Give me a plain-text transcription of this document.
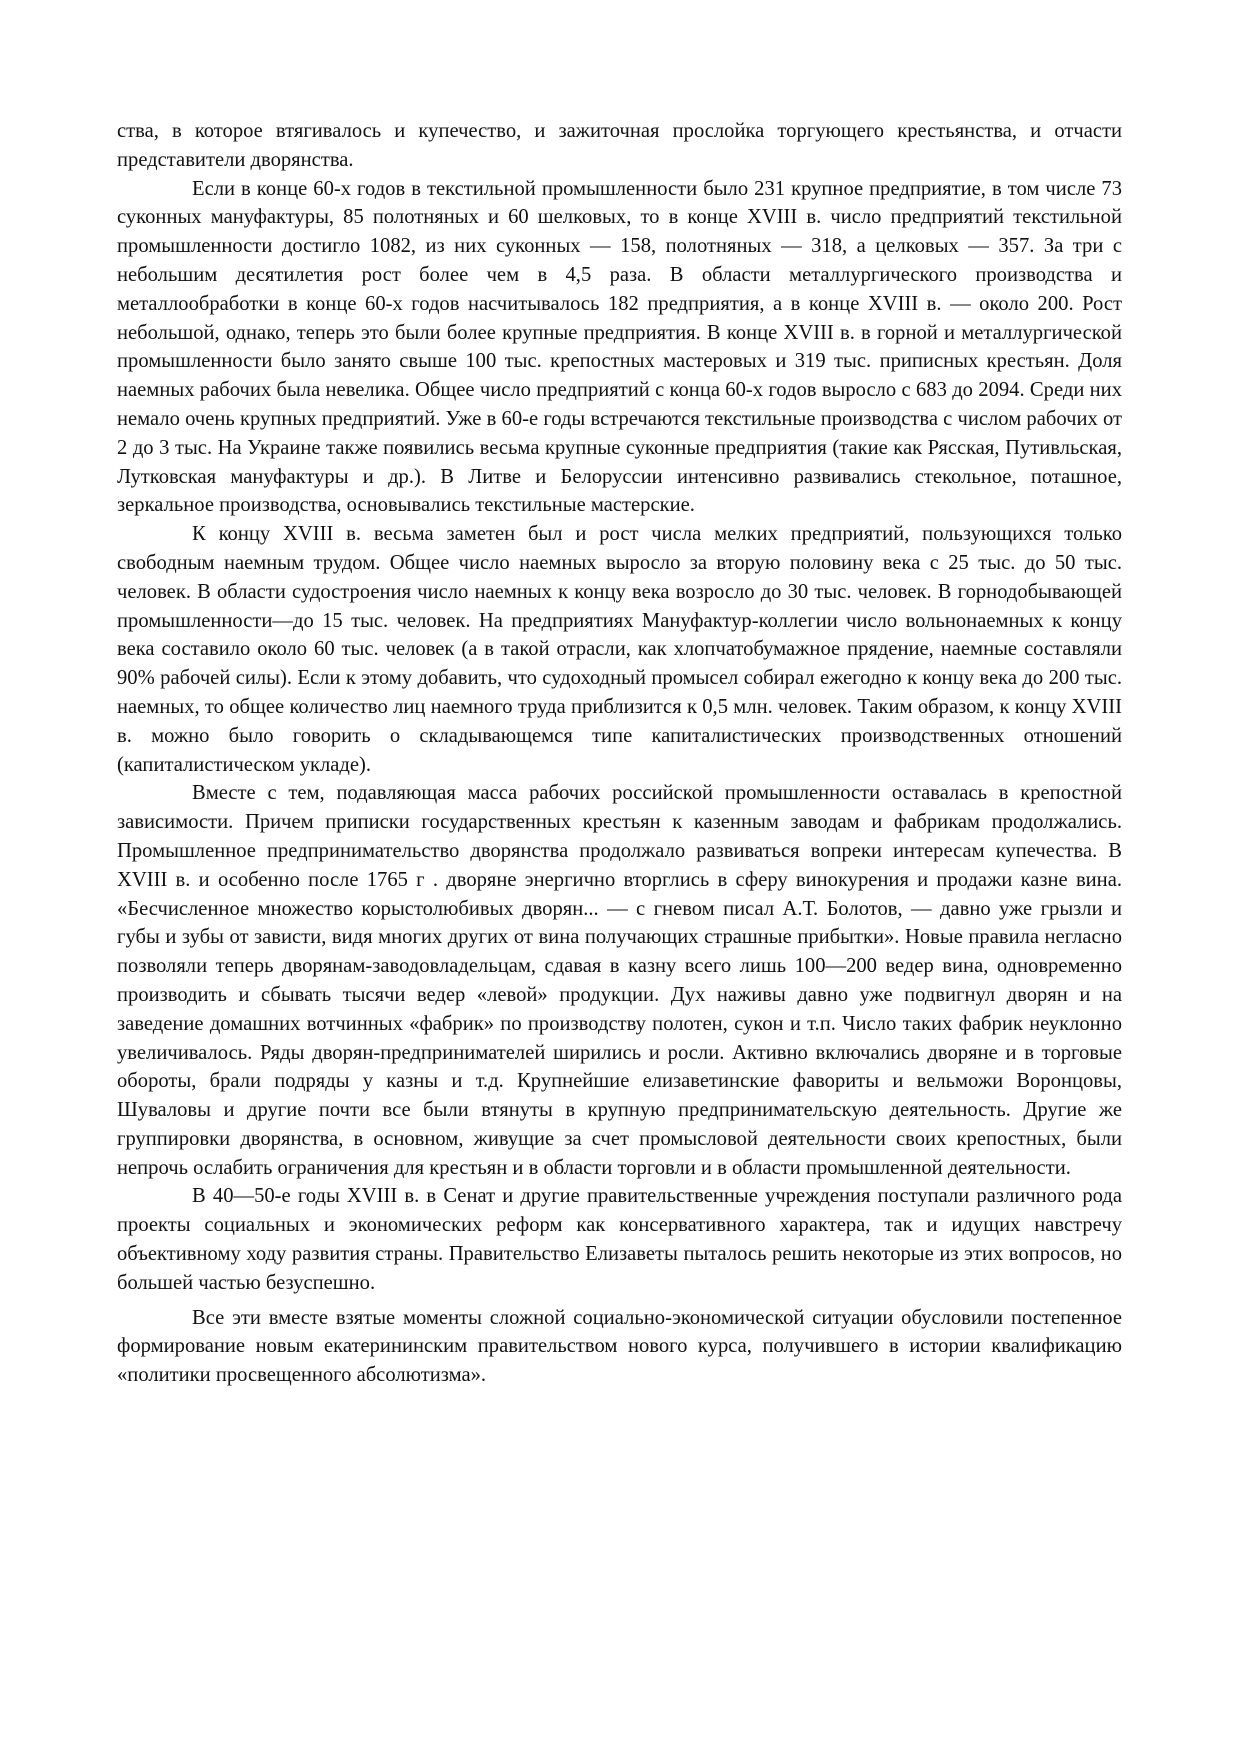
ства, в которое втягивалось и купечество, и зажиточная прослойка торгующего крестьянства, и отчасти представители дворянства.

Если в конце 60-х годов в текстильной промышленности было 231 крупное предприятие, в том числе 73 суконных мануфактуры, 85 полотняных и 60 шелковых, то в конце XVIII в. число предприятий текстильной промышленности достигло 1082, из них суконных — 158, полотняных — 318, а целковых — 357. За три с небольшим десятилетия рост более чем в 4,5 раза. В области металлургического производства и металлообработки в конце 60-х годов насчитывалось 182 предприятия, а в конце XVIII в. — около 200. Рост небольшой, однако, теперь это были более крупные предприятия. В конце XVIII в. в горной и металлургической промышленности было занято свыше 100 тыс. крепостных мастеровых и 319 тыс. приписных крестьян. Доля наемных рабочих была невелика. Общее число предприятий с конца 60-х годов выросло с 683 до 2094. Среди них немало очень крупных предприятий. Уже в 60-е годы встречаются текстильные производства с числом рабочих от 2 до 3 тыс. На Украине также появились весьма крупные суконные предприятия (такие как Рясская, Путивльская, Лутковская мануфактуры и др.). В Литве и Белоруссии интенсивно развивались стекольное, поташное, зеркальное производства, основывались текстильные мастерские.

К концу XVIII в. весьма заметен был и рост числа мелких предприятий, пользующихся только свободным наемным трудом. Общее число наемных выросло за вторую половину века с 25 тыс. до 50 тыс. человек. В области судостроения число наемных к концу века возросло до 30 тыс. человек. В горнодобывающей промышленности—до 15 тыс. человек. На предприятиях Мануфактур-коллегии число вольнонаемных к концу века составило около 60 тыс. человек (а в такой отрасли, как хлопчатобумажное прядение, наемные составляли 90% рабочей силы). Если к этому добавить, что судоходный промысел собирал ежегодно к концу века до 200 тыс. наемных, то общее количество лиц наемного труда приблизится к 0,5 млн. человек. Таким образом, к концу XVIII в. можно было говорить о складывающемся типе капиталистических производственных отношений (капиталистическом укладе).

Вместе с тем, подавляющая масса рабочих российской промышленности оставалась в крепостной зависимости. Причем приписки государственных крестьян к казенным заводам и фабрикам продолжались. Промышленное предпринимательство дворянства продолжало развиваться вопреки интересам купечества. В XVIII в. и особенно после 1765 г . дворяне энергично вторглись в сферу винокурения и продажи казне вина. «Бесчисленное множество корыстолюбивых дворян... — с гневом писал А.Т. Болотов, — давно уже грызли и губы и зубы от зависти, видя многих других от вина получающих страшные прибытки». Новые правила негласно позволяли теперь дворянам-заводовладельцам, сдавая в казну всего лишь 100—200 ведер вина, одновременно производить и сбывать тысячи ведер «левой» продукции. Дух наживы давно уже подвигнул дворян и на заведение домашних вотчинных «фабрик» по производству полотен, сукон и т.п. Число таких фабрик неуклонно увеличивалось. Ряды дворян-предпринимателей ширились и росли. Активно включались дворяне и в торговые обороты, брали подряды у казны и т.д. Крупнейшие елизаветинские фавориты и вельможи Воронцовы, Шуваловы и другие почти все были втянуты в крупную предпринимательскую деятельность. Другие же группировки дворянства, в основном, живущие за счет промысловой деятельности своих крепостных, были непрочь ослабить ограничения для крестьян и в области торговли и в области промышленной деятельности.

В 40—50-е годы XVIII в. в Сенат и другие правительственные учреждения поступали различного рода проекты социальных и экономических реформ как консервативного характера, так и идущих навстречу объективному ходу развития страны. Правительство Елизаветы пыталось решить некоторые из этих вопросов, но большей частью безуспешно.

Все эти вместе взятые моменты сложной социально-экономической ситуации обусловили постепенное формирование новым екатерининским правительством нового курса, получившего в истории квалификацию «политики просвещенного абсолютизма».
